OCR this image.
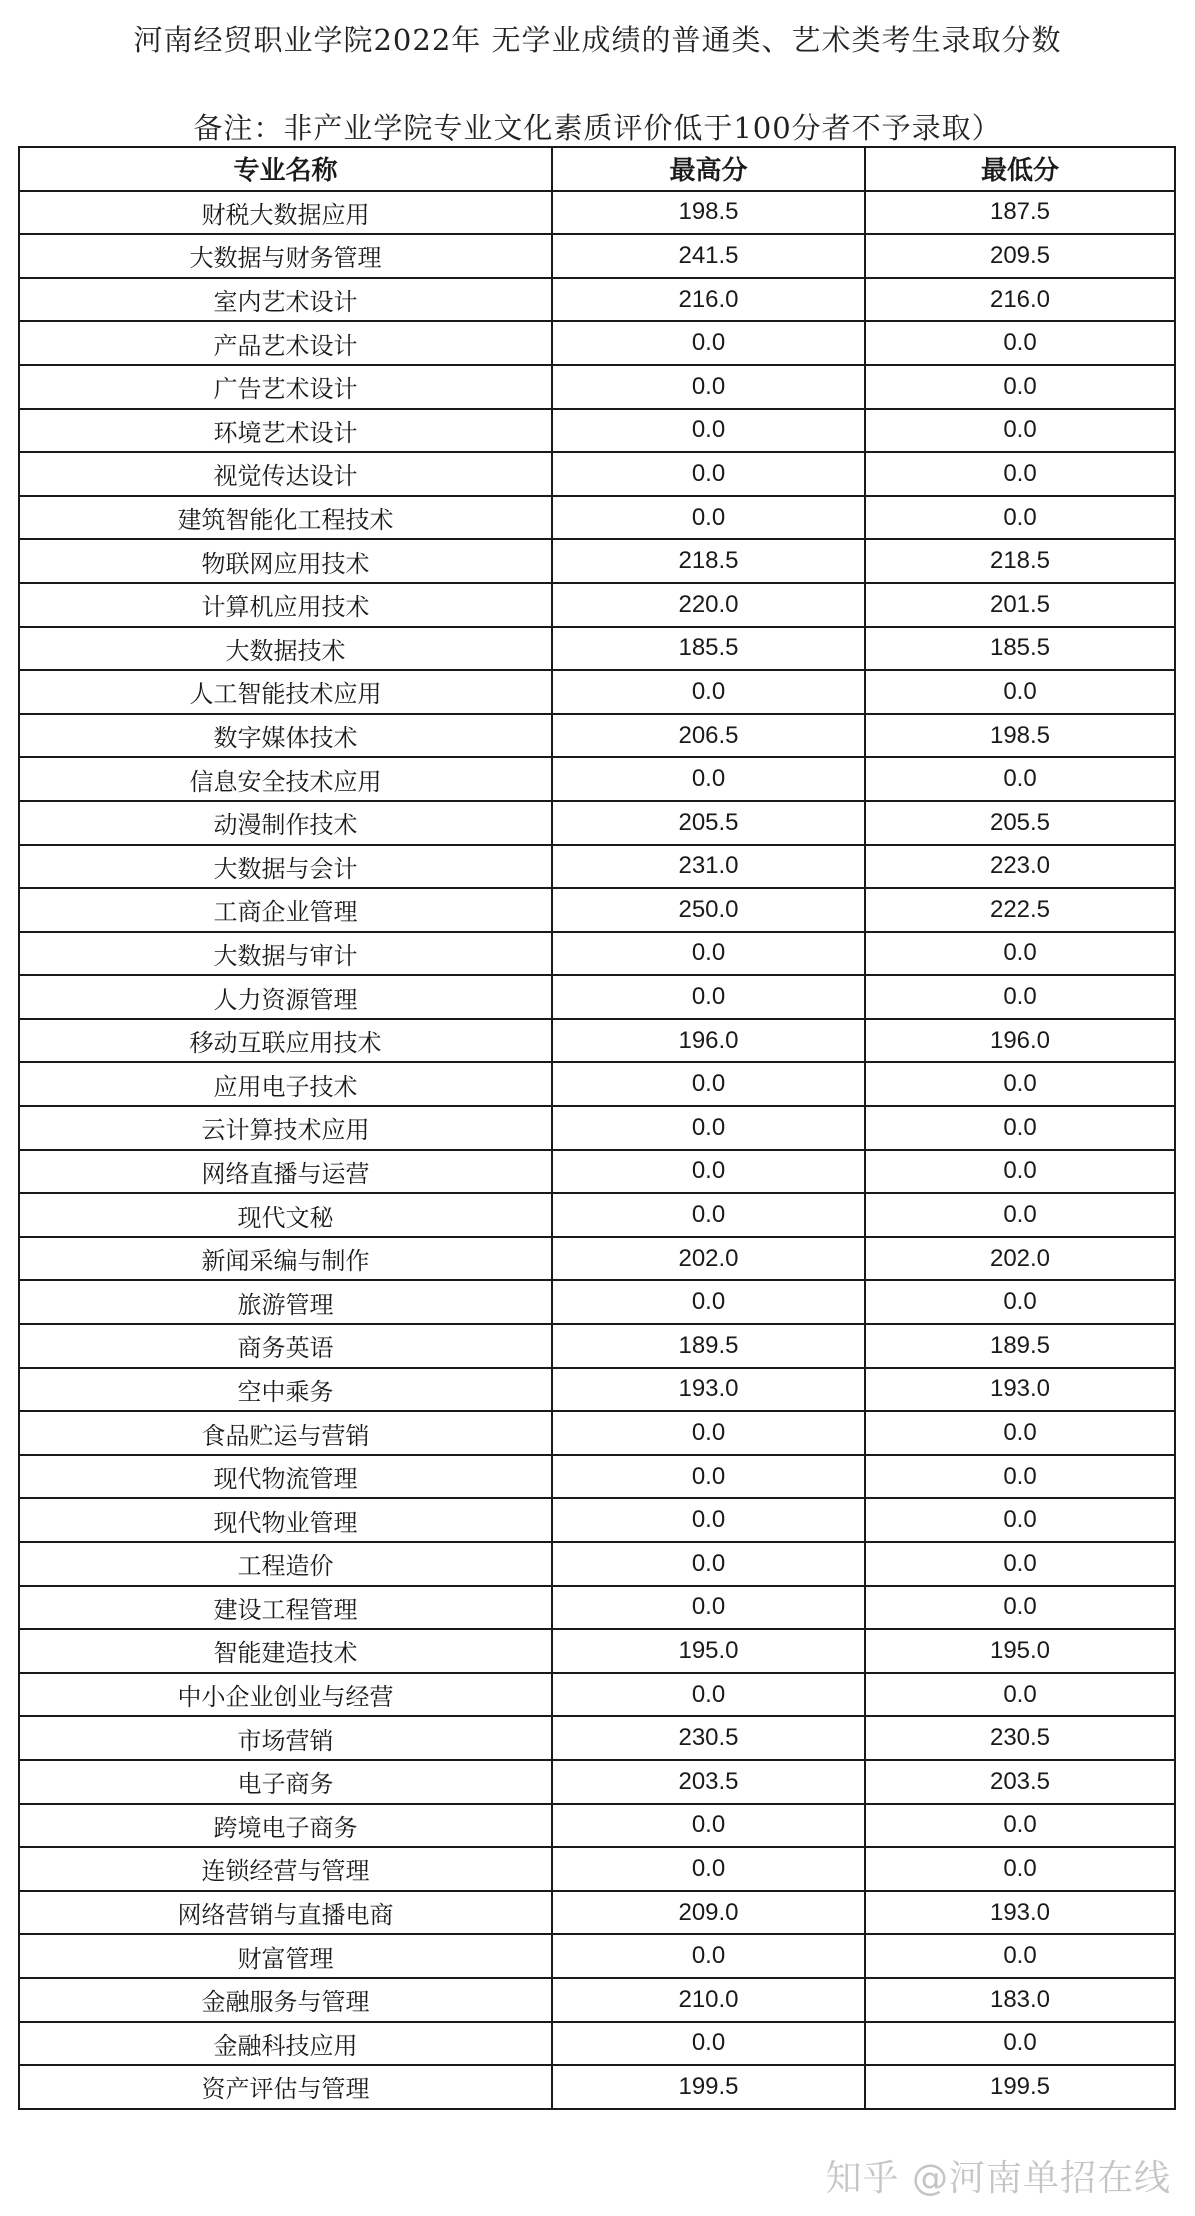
河南经贸职业学院2022年 无学业成绩的普通类、艺术类考生录取分数
备注：非产业学院专业文化素质评价低于100分者不予录取）
专业名称	最高分	最低分
财税大数据应用	198.5	187.5
大数据与财务管理	241.5	209.5
室内艺术设计	216.0	216.0
产品艺术设计	0.0	0.0
广告艺术设计	0.0	0.0
环境艺术设计	0.0	0.0
视觉传达设计	0.0	0.0
建筑智能化工程技术	0.0	0.0
物联网应用技术	218.5	218.5
计算机应用技术	220.0	201.5
大数据技术	185.5	185.5
人工智能技术应用	0.0	0.0
数字媒体技术	206.5	198.5
信息安全技术应用	0.0	0.0
动漫制作技术	205.5	205.5
大数据与会计	231.0	223.0
工商企业管理	250.0	222.5
大数据与审计	0.0	0.0
人力资源管理	0.0	0.0
移动互联应用技术	196.0	196.0
应用电子技术	0.0	0.0
云计算技术应用	0.0	0.0
网络直播与运营	0.0	0.0
现代文秘	0.0	0.0
新闻采编与制作	202.0	202.0
旅游管理	0.0	0.0
商务英语	189.5	189.5
空中乘务	193.0	193.0
食品贮运与营销	0.0	0.0
现代物流管理	0.0	0.0
现代物业管理	0.0	0.0
工程造价	0.0	0.0
建设工程管理	0.0	0.0
智能建造技术	195.0	195.0
中小企业创业与经营	0.0	0.0
市场营销	230.5	230.5
电子商务	203.5	203.5
跨境电子商务	0.0	0.0
连锁经营与管理	0.0	0.0
网络营销与直播电商	209.0	193.0
财富管理	0.0	0.0
金融服务与管理	210.0	183.0
金融科技应用	0.0	0.0
资产评估与管理	199.5	199.5
知乎 @河南单招在线
